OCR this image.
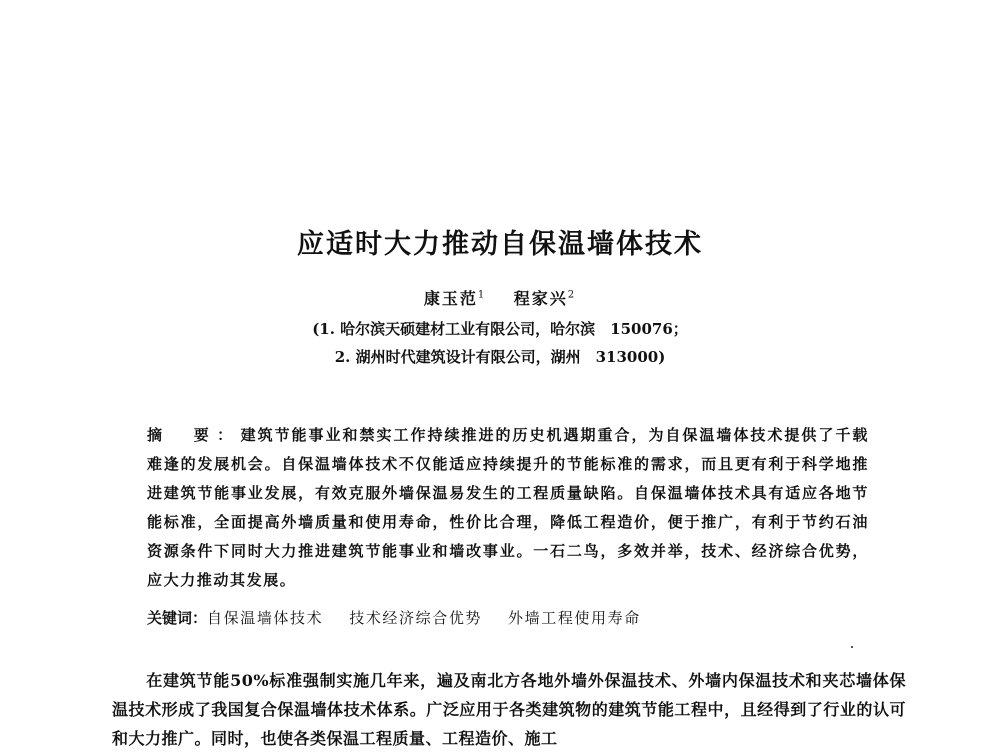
应适时大力推动自保温墙体技术
康玉范$^1$ 程家兴$^2$
(1. 哈尔滨天硕建材工业有限公司，哈尔滨　150076；
2. 湖州时代建筑设计有限公司，湖州　313000)
摘　要：建筑节能事业和禁实工作持续推进的历史机遇期重合，为自保温墙体技术提供了千载难逢的发展机会。自保温墙体技术不仅能适应持续提升的节能标准的需求，而且更有利于科学地推进建筑节能事业发展，有效克服外墙保温易发生的工程质量缺陷。自保温墙体技术具有适应各地节能标准，全面提高外墙质量和使用寿命，性价比合理，降低工程造价，便于推广，有利于节约石油资源条件下同时大力推进建筑节能事业和墙改事业。一石二鸟，多效并举，技术、经济综合优势，应大力推动其发展。
关键词：自保温墙体技术 技术经济综合优势 外墙工程使用寿命
在建筑节能50%标准强制实施几年来，遍及南北方各地外墙外保温技术、外墙内保温技术和夹芯墙体保温技术形成了我国复合保温墙体技术体系。广泛应用于各类建筑物的建筑节能工程中，且经得到了行业的认可和大力推广。同时，也使各类保温工程质量、工程造价、施工
